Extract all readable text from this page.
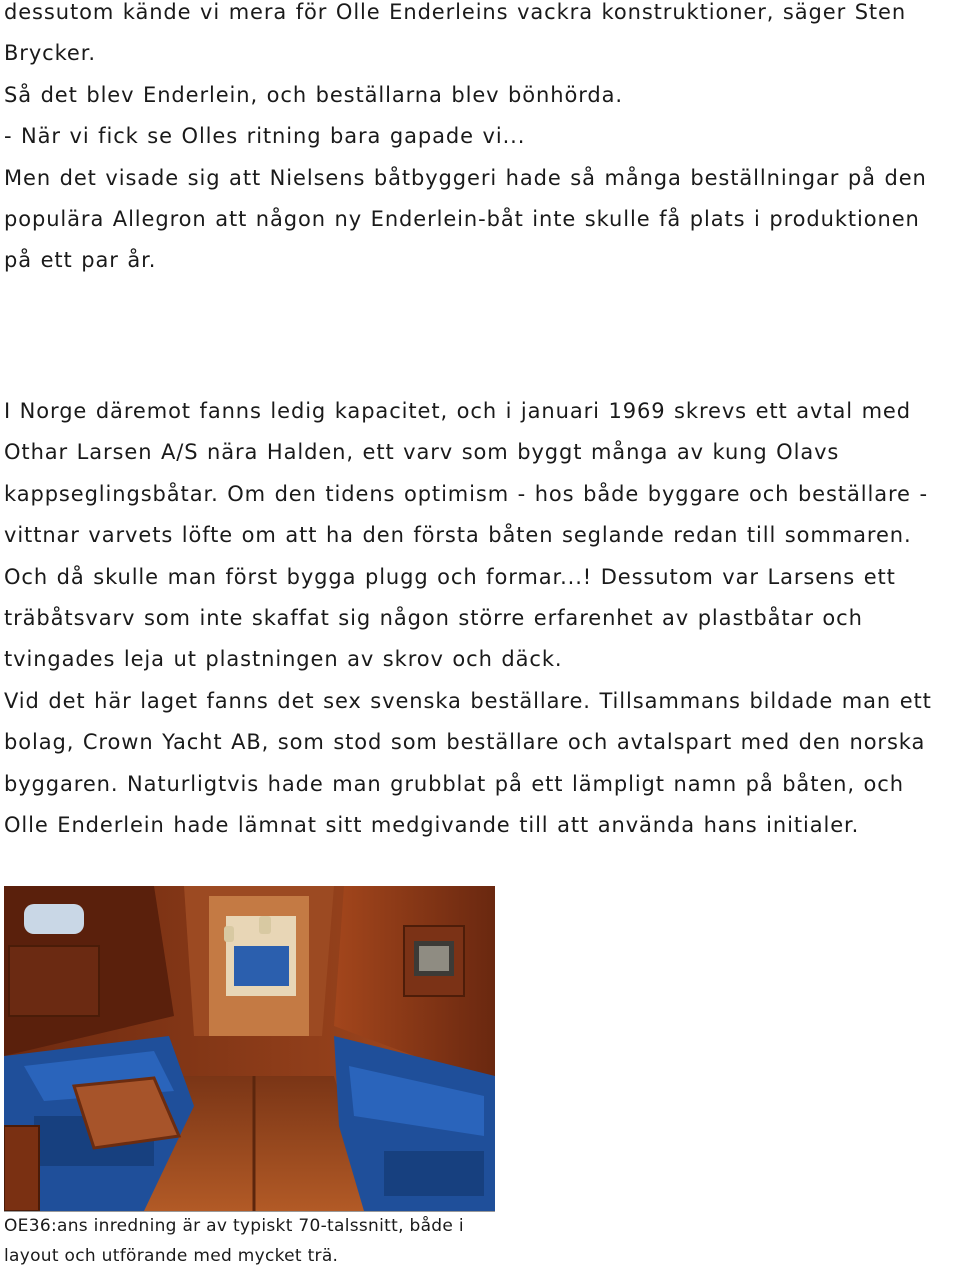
dessutom kände vi mera för Olle Enderleins vackra konstruktioner, säger Sten
Brycker.
Så det blev Enderlein, och beställarna blev bönhörda.
- När vi fick se Olles ritning bara gapade vi...
Men det visade sig att Nielsens båtbyggeri hade så många beställningar på den
populära Allegron att någon ny Enderlein-båt inte skulle få plats i produktionen
på ett par år.
I Norge däremot fanns ledig kapacitet, och i januari 1969 skrevs ett avtal med
Othar Larsen A/S nära Halden, ett varv som byggt många av kung Olavs
kappseglingsbåtar. Om den tidens optimism - hos både byggare och beställare -
vittnar varvets löfte om att ha den första båten seglande redan till sommaren.
Och då skulle man först bygga plugg och formar...! Dessutom var Larsens ett
träbåtsvarv som inte skaffat sig någon större erfarenhet av plastbåtar och
tvingades leja ut plastningen av skrov och däck.
Vid det här laget fanns det sex svenska beställare. Tillsammans bildade man ett
bolag, Crown Yacht AB, som stod som beställare och avtalspart med den norska
byggaren. Naturligtvis hade man grubblat på ett lämpligt namn på båten, och
Olle Enderlein hade lämnat sitt medgivande till att använda hans initialer.
OE36:ans inredning är av typiskt 70-talssnitt, både i
layout och utförande med mycket trä.
